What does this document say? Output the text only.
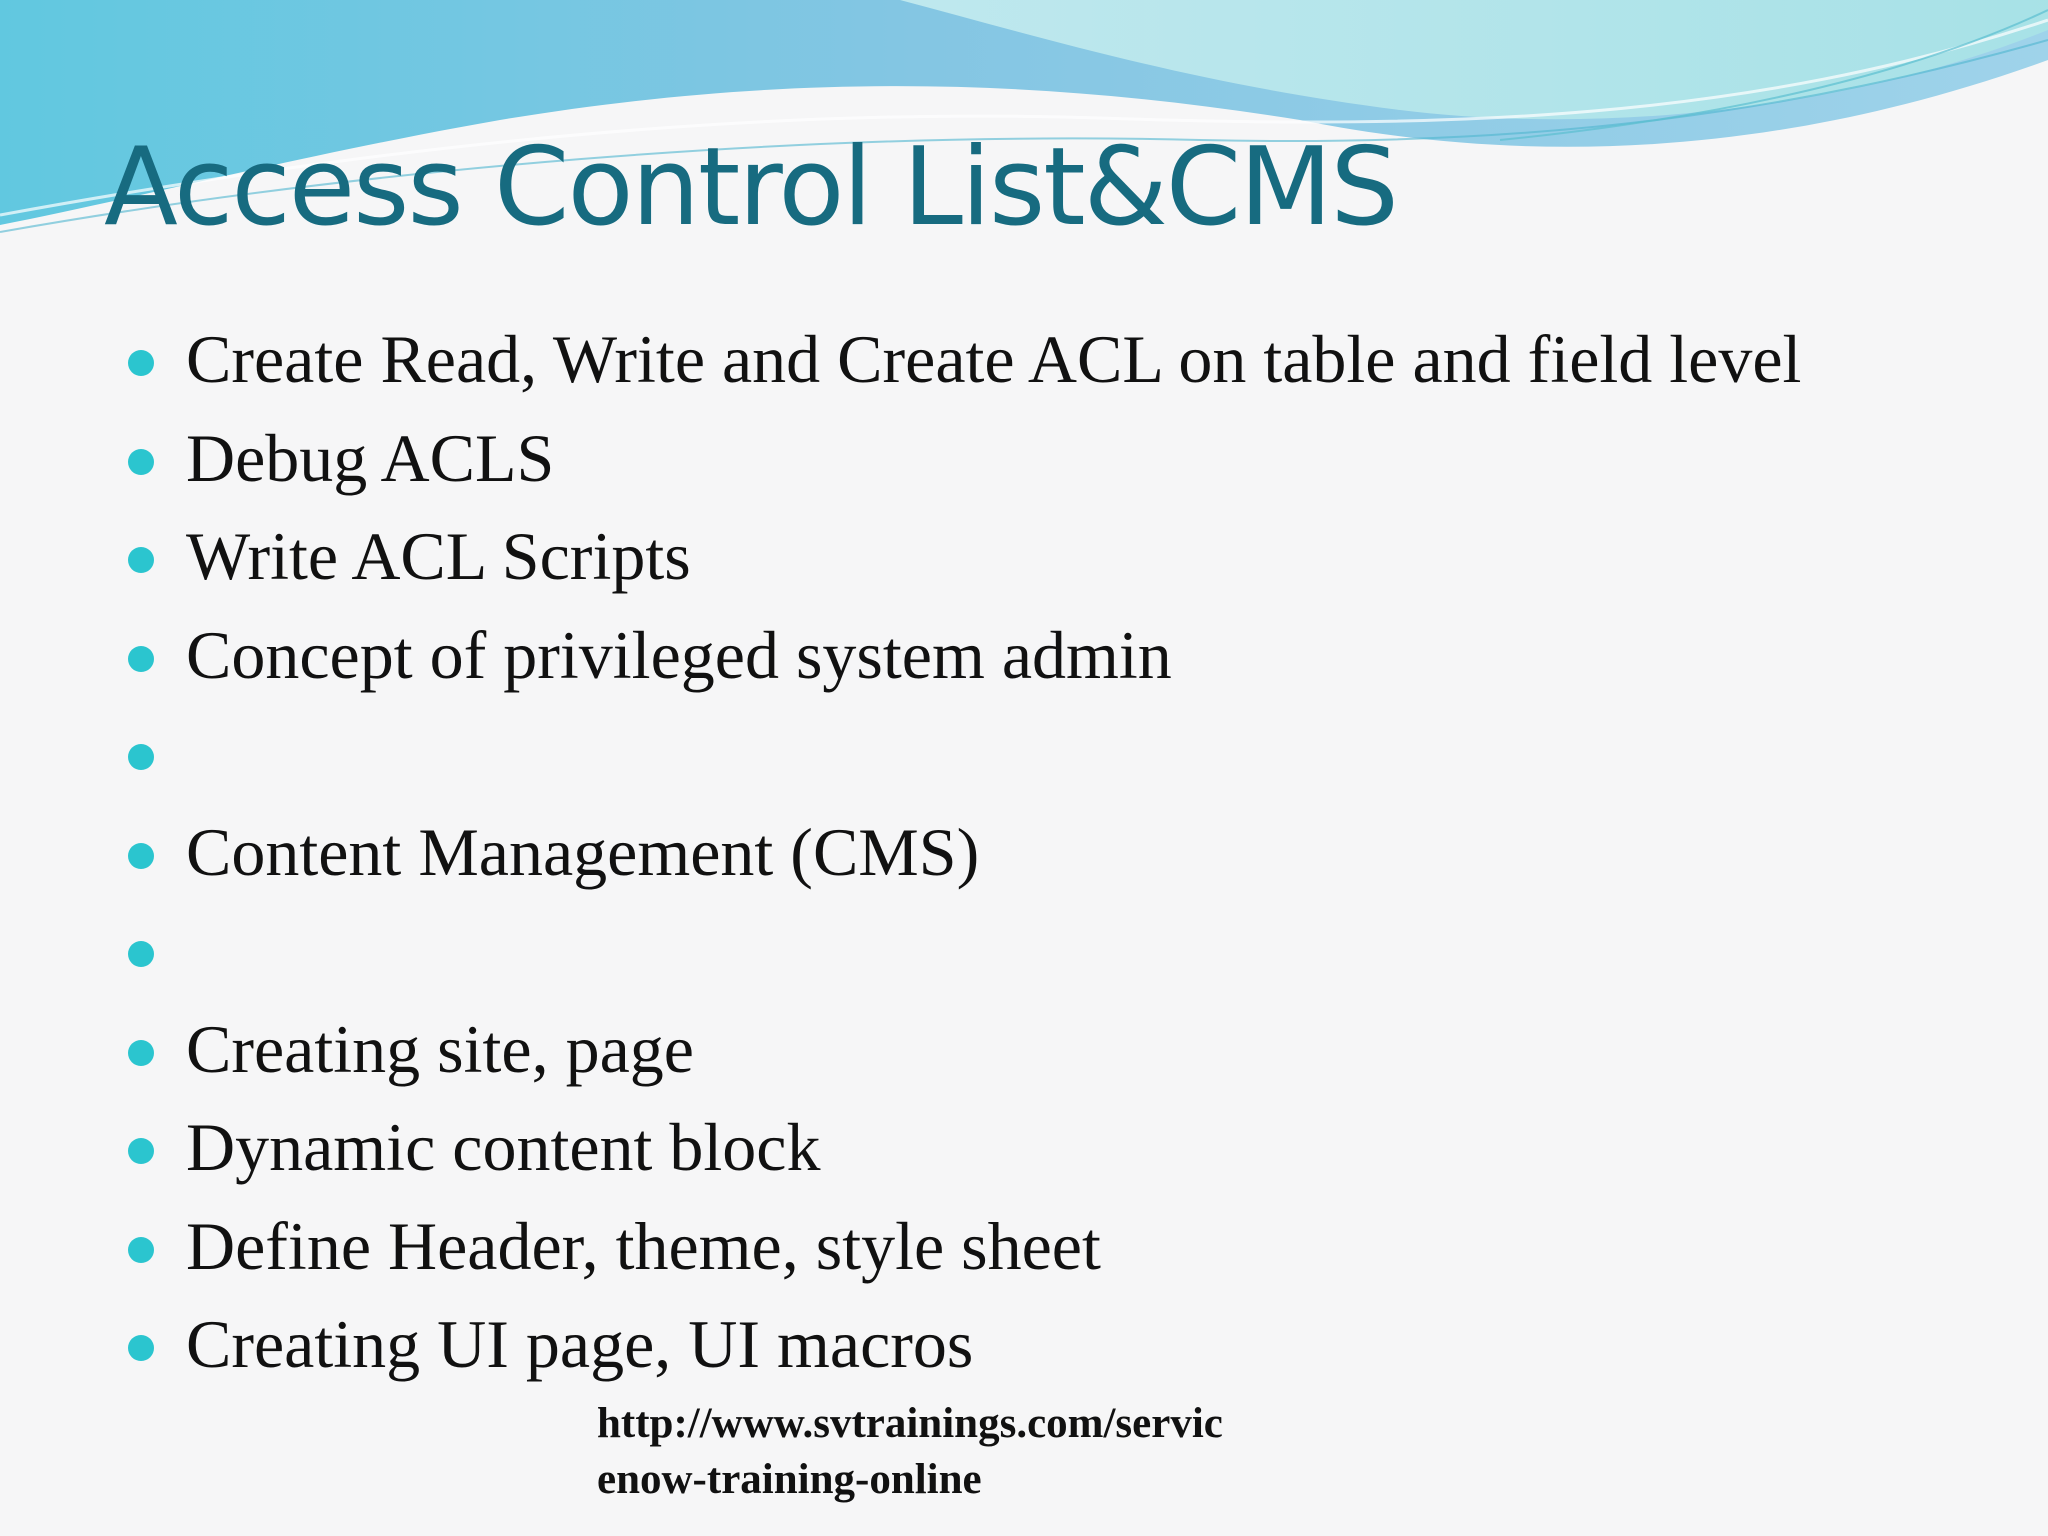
Access Control List&CMS
Create Read, Write and Create ACL on table and field level
Debug ACLS
Write ACL Scripts
Concept of privileged system admin
Content Management (CMS)
Creating site, page
Dynamic content block
Define Header, theme, style sheet
Creating UI page, UI macros
http://www.svtrainings.com/servic
enow-training-online
